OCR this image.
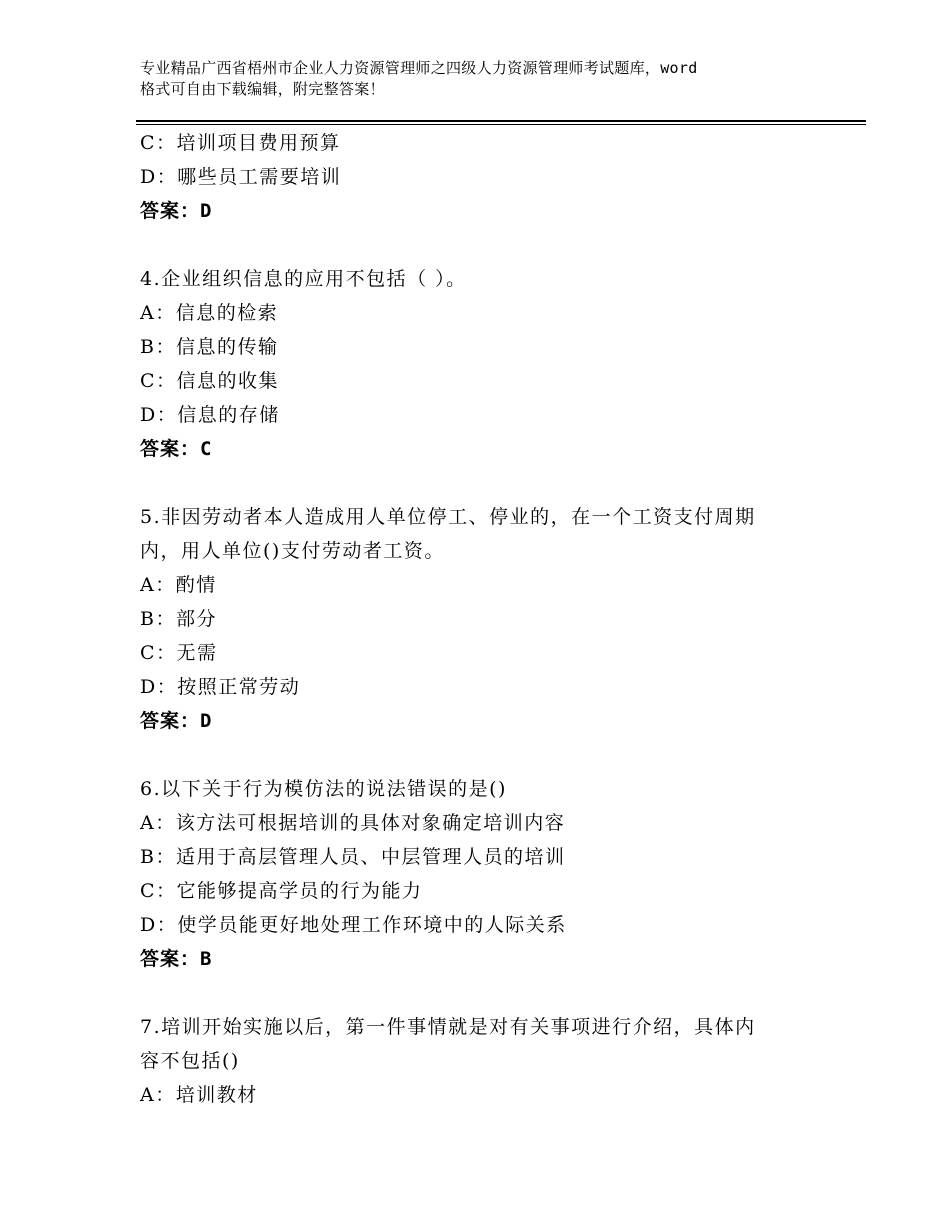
专业精品广西省梧州市企业人力资源管理师之四级人力资源管理师考试题库，word
格式可自由下载编辑，附完整答案！
C：培训项目费用预算
D：哪些员工需要培训
答案：D
4.企业组织信息的应用不包括（ ）。
A：信息的检索
B：信息的传输
C：信息的收集
D：信息的存储
答案：C
5.非因劳动者本人造成用人单位停工、停业的，在一个工资支付周期
内，用人单位()支付劳动者工资。
A：酌情
B：部分
C：无需
D：按照正常劳动
答案：D
6.以下关于行为模仿法的说法错误的是()
A：该方法可根据培训的具体对象确定培训内容
B：适用于高层管理人员、中层管理人员的培训
C：它能够提高学员的行为能力
D：使学员能更好地处理工作环境中的人际关系
答案：B
7.培训开始实施以后，第一件事情就是对有关事项进行介绍，具体内
容不包括()
A：培训教材
